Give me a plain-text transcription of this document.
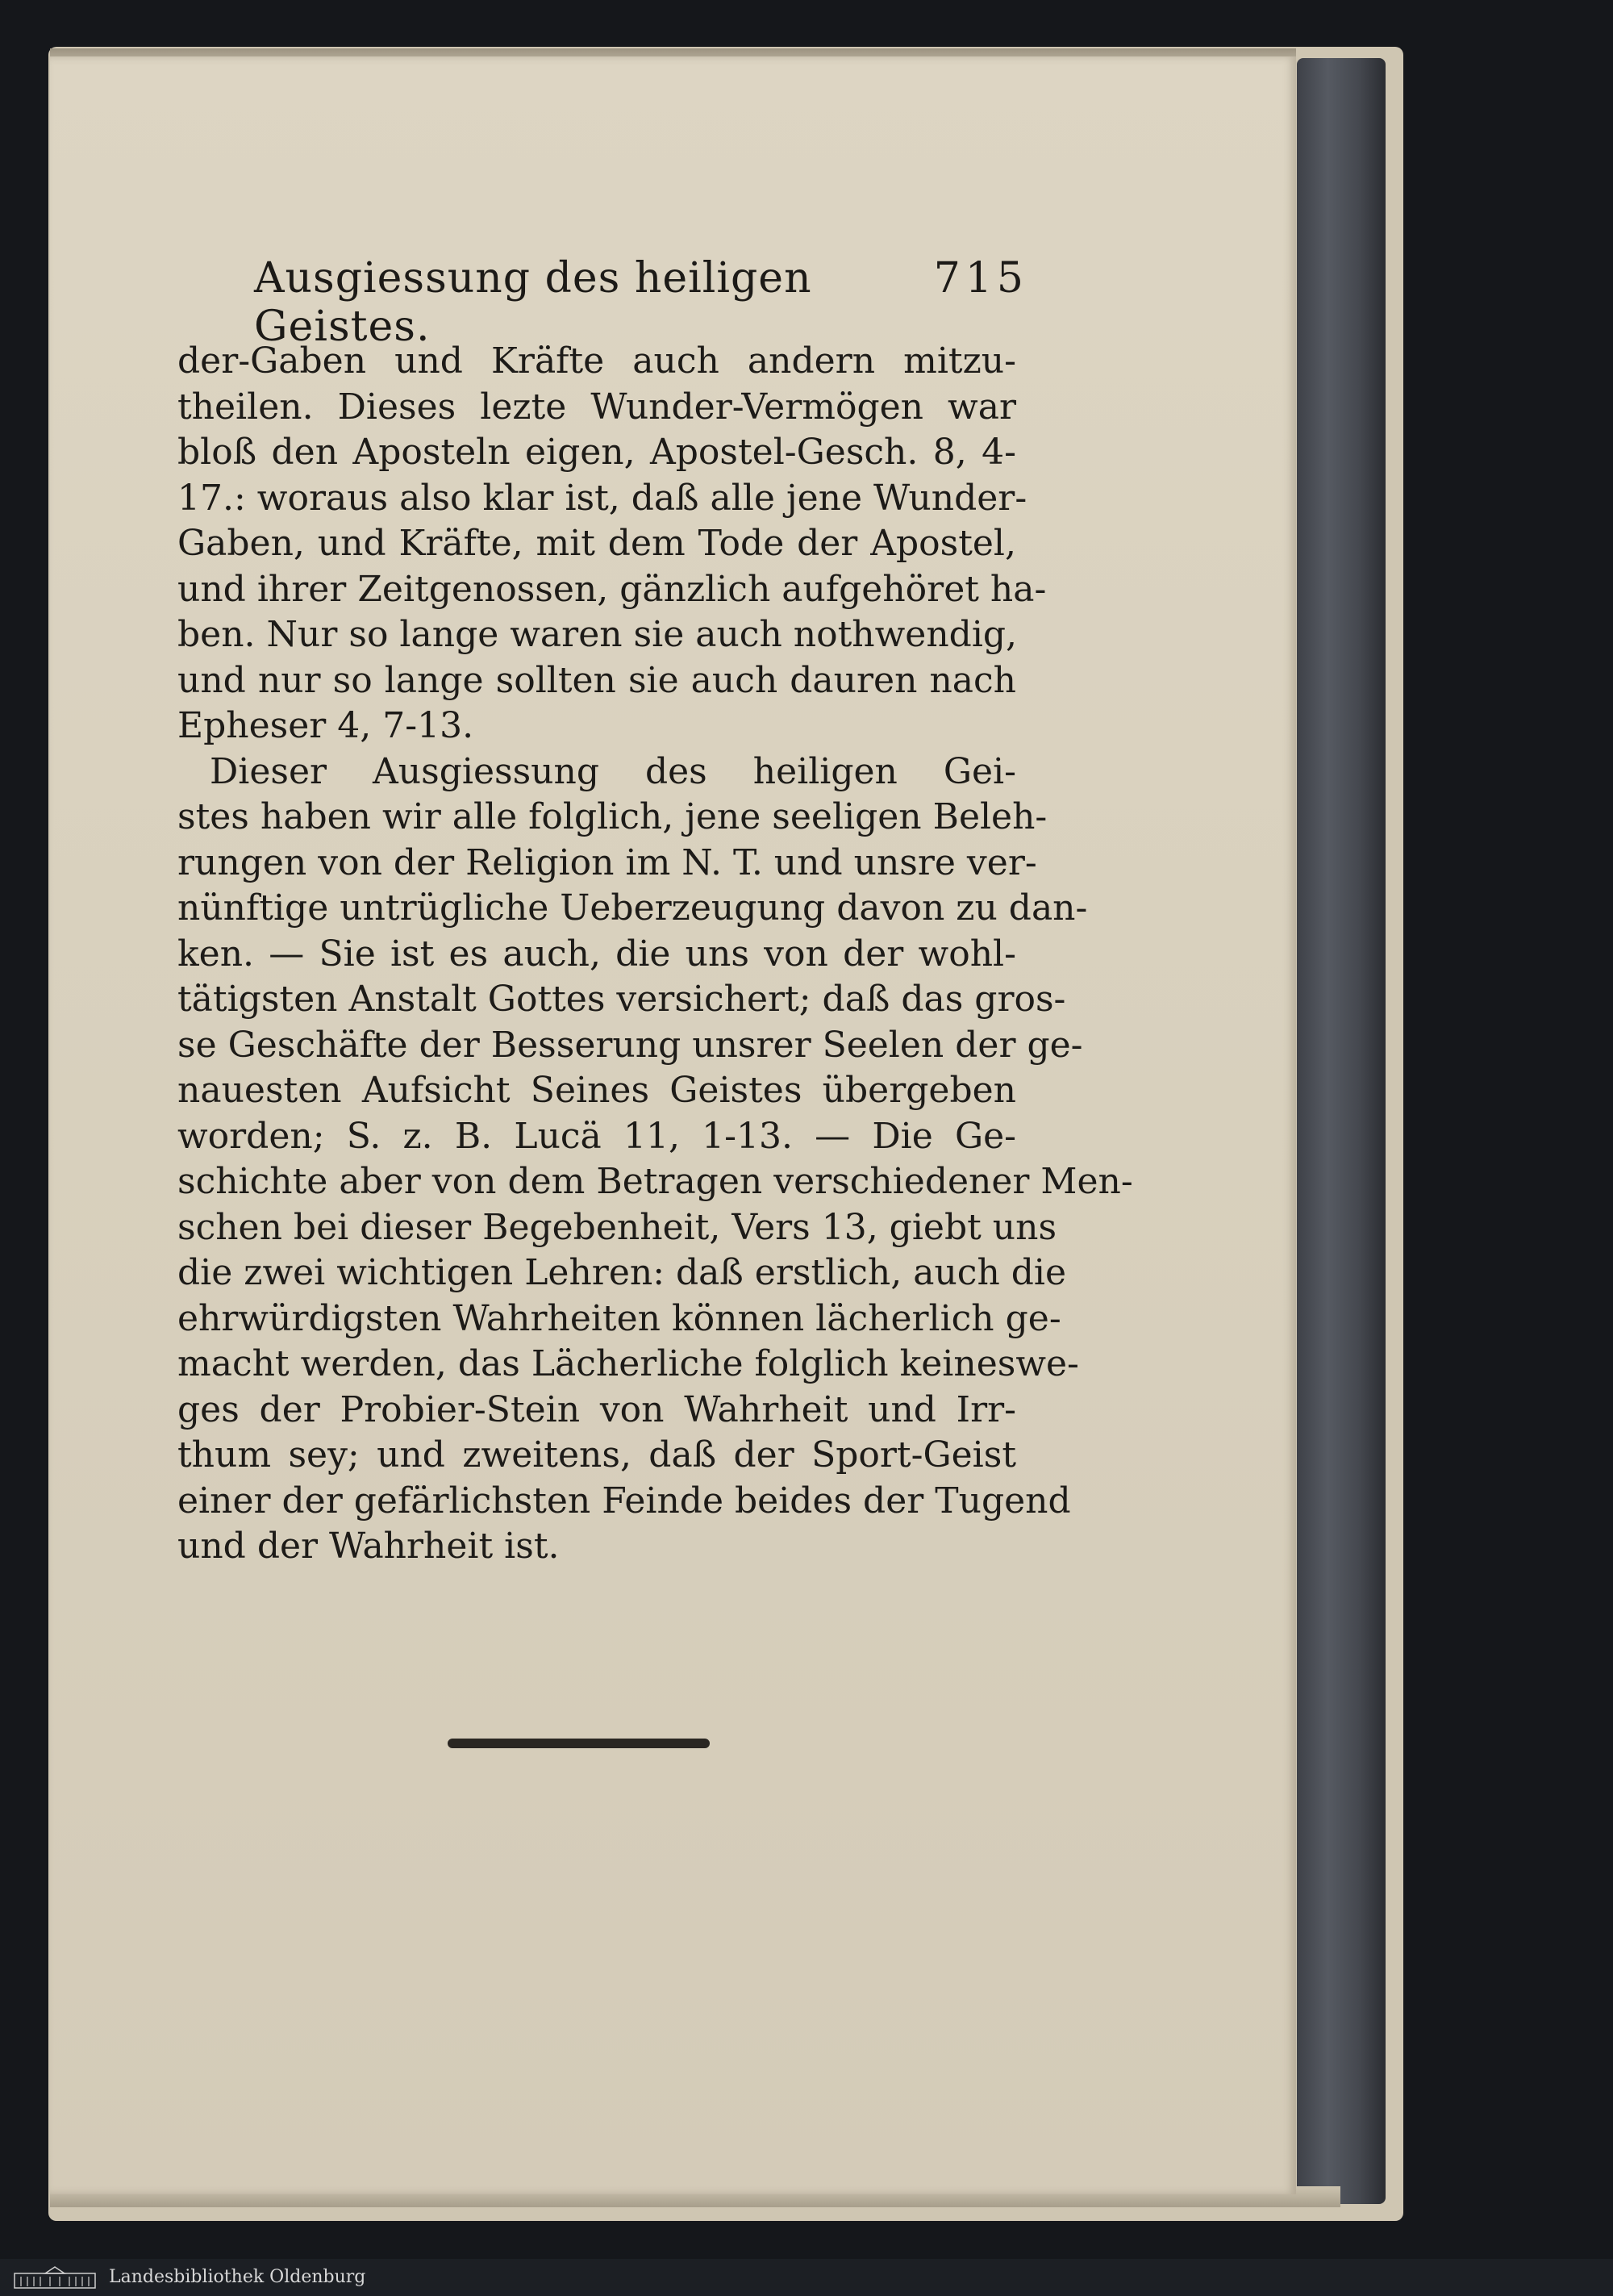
Ausgiessung des heiligen Geistes.
715
der-Gaben und Kräfte auch andern mitzu-
theilen. Dieses lezte Wunder-Vermögen war
bloß den Aposteln eigen, Apostel-Gesch. 8, 4-
17.: woraus also klar ist, daß alle jene Wunder-
Gaben, und Kräfte, mit dem Tode der Apostel,
und ihrer Zeitgenossen, gänzlich aufgehöret ha-
ben. Nur so lange waren sie auch nothwendig,
und nur so lange sollten sie auch dauren nach
Epheser 4, 7-13.
Dieser Ausgiessung des heiligen Gei-
stes haben wir alle folglich, jene seeligen Beleh-
rungen von der Religion im N. T. und unsre ver-
nünftige untrügliche Ueberzeugung davon zu dan-
ken. — Sie ist es auch, die uns von der wohl-
tätigsten Anstalt Gottes versichert; daß das gros-
se Geschäfte der Besserung unsrer Seelen der ge-
nauesten Aufsicht Seines Geistes übergeben
worden; S. z. B. Lucä 11, 1-13. — Die Ge-
schichte aber von dem Betragen verschiedener Men-
schen bei dieser Begebenheit, Vers 13, giebt uns
die zwei wichtigen Lehren: daß erstlich, auch die
ehrwürdigsten Wahrheiten können lächerlich ge-
macht werden, das Lächerliche folglich keineswe-
ges der Probier-Stein von Wahrheit und Irr-
thum sey; und zweitens, daß der Sport-Geist
einer der gefärlichsten Feinde beides der Tugend
und der Wahrheit ist.
Landesbibliothek Oldenburg
